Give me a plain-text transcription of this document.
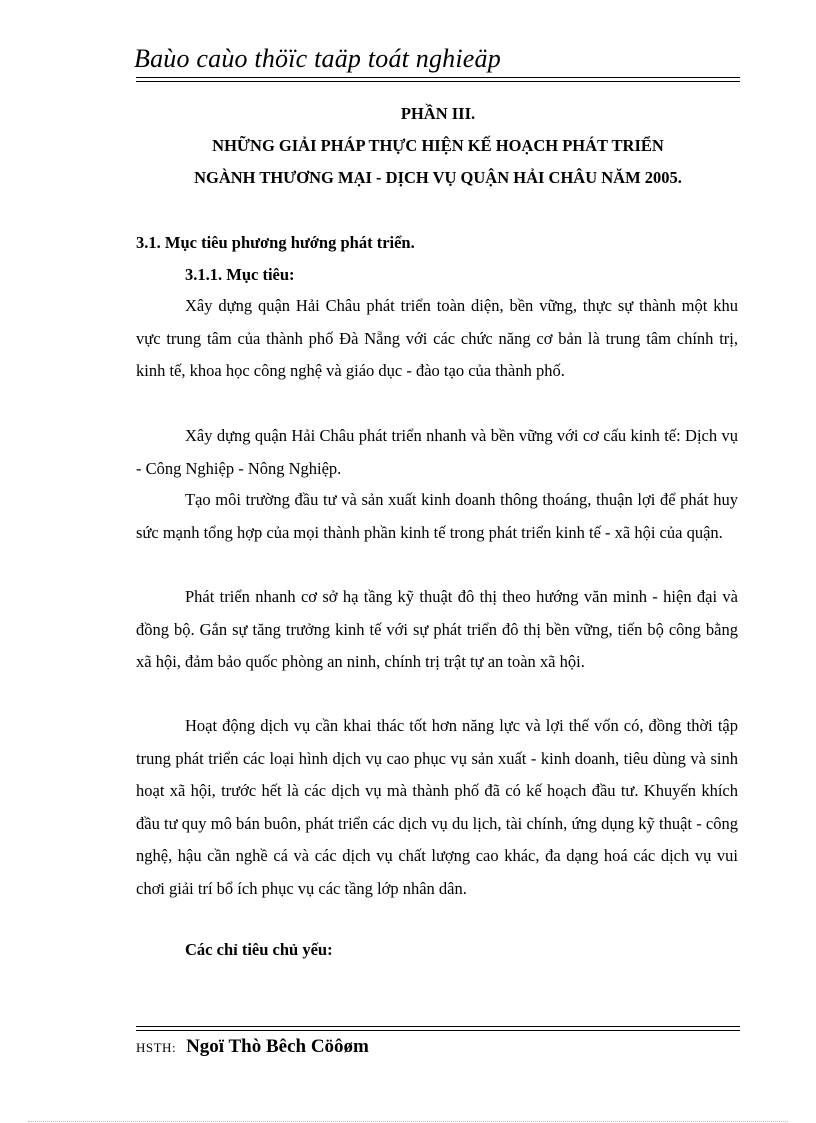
Baùo caùo thöïc taäp toát nghieäp
PHẦN III.
NHỮNG GIẢI PHÁP THỰC HIỆN KẾ HOẠCH PHÁT TRIỂN
NGÀNH THƯƠNG MẠI - DỊCH VỤ QUẬN HẢI CHÂU NĂM 2005.
3.1. Mục tiêu phương hướng phát triển.
3.1.1. Mục tiêu:

Xây dựng quận Hải Châu phát triển toàn diện, bền vững, thực sự thành một khu vực trung tâm của thành phố Đà Nẵng với các chức năng cơ bản là trung tâm chính trị, kinh tế, khoa học công nghệ và giáo dục - đào tạo của thành phố.

Xây dựng quận Hải Châu phát triển nhanh và bền vững với cơ cấu kinh tế: Dịch vụ - Công Nghiệp - Nông Nghiệp.

Tạo môi trường đầu tư và sản xuất kinh doanh thông thoáng, thuận lợi để phát huy sức mạnh tổng hợp của mọi thành phần kinh tế trong phát triển kinh tế - xã hội của quận.

Phát triển nhanh cơ sở hạ tầng kỹ thuật đô thị theo hướng văn minh - hiện đại và đồng bộ. Gắn sự tăng trưởng kinh tế với sự phát triển đô thị bền vững, tiến bộ công bằng xã hội, đảm bảo quốc phòng an ninh, chính trị trật tự an toàn xã hội.

Hoạt động dịch vụ cần khai thác tốt hơn năng lực và lợi thế vốn có, đồng thời tập trung phát triển các loại hình dịch vụ cao phục vụ sản xuất - kinh doanh, tiêu dùng và sinh hoạt xã hội, trước hết là các dịch vụ mà thành phố đã có kế hoạch đầu tư. Khuyến khích đầu tư quy mô bán buôn, phát triển các dịch vụ du lịch, tài chính, ứng dụng kỹ thuật - công nghệ, hậu cần nghề cá và các dịch vụ chất lượng cao khác, đa dạng hoá các dịch vụ vui chơi giải trí bổ ích phục vụ các tầng lớp nhân dân.

Các chỉ tiêu chủ yếu:
HSTH: Ngoï Thò Bêch Cöôøm
